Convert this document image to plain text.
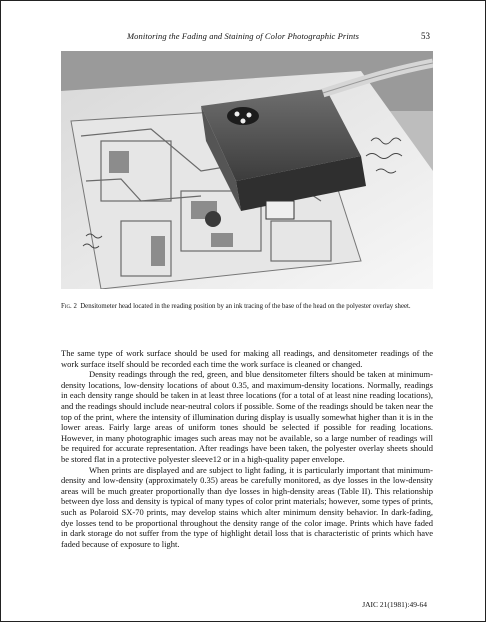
Monitoring the Fading and Staining of Color Photographic Prints	53
Fig. 2 Densitometer head located in the reading position by an ink tracing of the base of the head on the polyester overlay sheet.

The same type of work surface should be used for making all readings, and densitometer readings of the work surface itself should be recorded each time the work surface is cleaned or changed.

Density readings through the red, green, and blue densitometer filters should be taken at minimum-density locations, low-density locations of about 0.35, and maximum-density locations. Normally, readings in each density range should be taken in at least three locations (for a total of at least nine reading locations), and the readings should include near-neutral colors if possible. Some of the readings should be taken near the top of the print, where the intensity of illumination during display is usually somewhat higher than it is in the lower areas. Fairly large areas of uniform tones should be selected if possible for reading locations. However, in many photographic images such areas may not be available, so a large number of readings will be required for accurate representation. After readings have been taken, the polyester overlay sheets should be stored flat in a protective polyester sleeve12 or in a high-quality paper envelope.

When prints are displayed and are subject to light fading, it is particularly important that minimum-density and low-density (approximately 0.35) areas be carefully monitored, as dye losses in the low-density areas will be much greater proportionally than dye losses in high-density areas (Table II). This relationship between dye loss and density is typical of many types of color print materials; however, some types of prints, such as Polaroid SX-70 prints, may develop stains which alter minimum density behavior. In dark-fading, dye losses tend to be proportional throughout the density range of the color image. Prints which have faded in dark storage do not suffer from the type of highlight detail loss that is characteristic of prints which have faded because of exposure to light.

JAIC 21(1981):49-64
